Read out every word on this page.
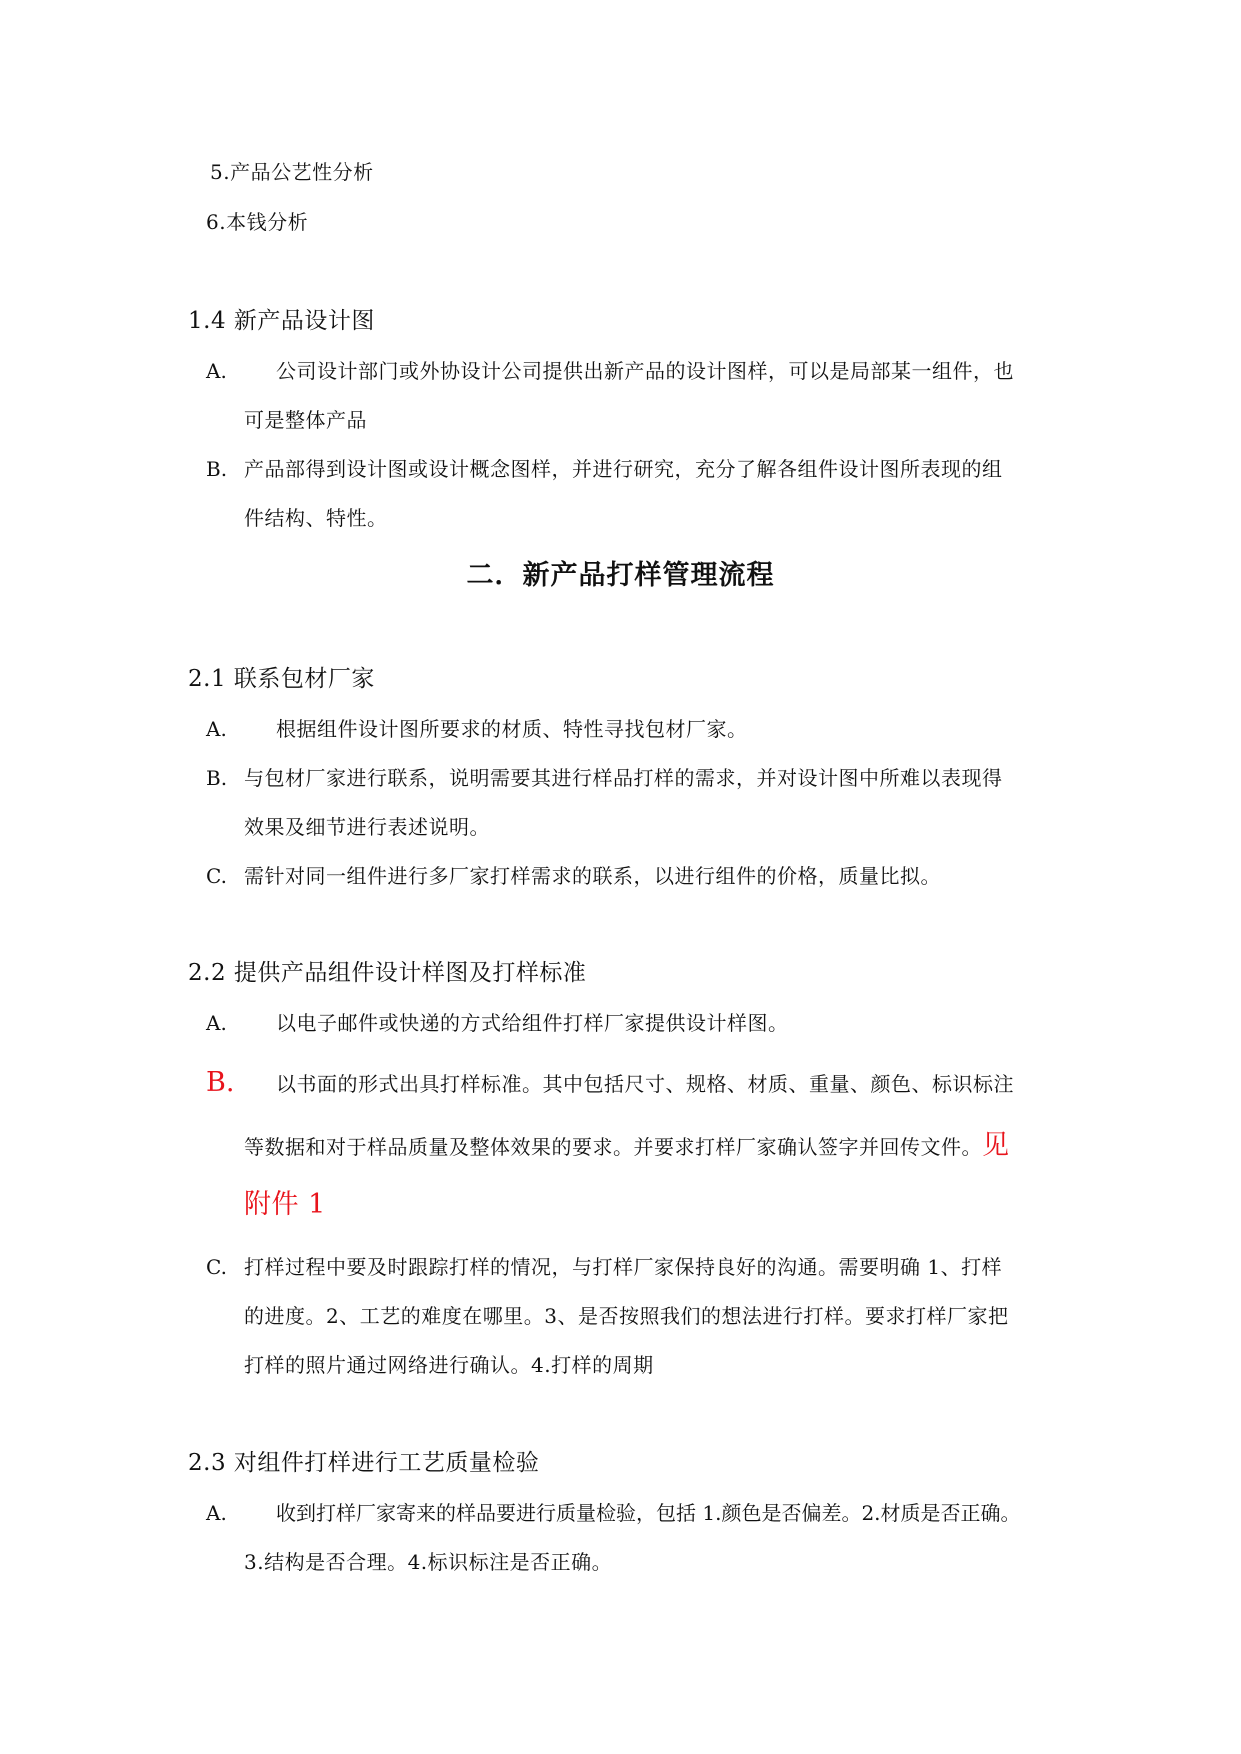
5.产品公艺性分析
6.本钱分析
1.4 新产品设计图
A. 公司设计部门或外协设计公司提供出新产品的设计图样，可以是局部某一组件，也
可是整体产品
B. 产品部得到设计图或设计概念图样，并进行研究，充分了解各组件设计图所表现的组
件结构、特性。
二．新产品打样管理流程
2.1 联系包材厂家
A. 根据组件设计图所要求的材质、特性寻找包材厂家。
B. 与包材厂家进行联系，说明需要其进行样品打样的需求，并对设计图中所难以表现得
效果及细节进行表述说明。
C. 需针对同一组件进行多厂家打样需求的联系，以进行组件的价格，质量比拟。
2.2 提供产品组件设计样图及打样标准
A. 以电子邮件或快递的方式给组件打样厂家提供设计样图。
B. 以书面的形式出具打样标准。其中包括尺寸、规格、材质、重量、颜色、标识标注
等数据和对于样品质量及整体效果的要求。并要求打样厂家确认签字并回传文件。见
附件 1
C. 打样过程中要及时跟踪打样的情况，与打样厂家保持良好的沟通。需要明确 1、打样
的进度。2、工艺的难度在哪里。3、是否按照我们的想法进行打样。要求打样厂家把
打样的照片通过网络进行确认。4.打样的周期
2.3 对组件打样进行工艺质量检验
A. 收到打样厂家寄来的样品要进行质量检验，包括 1.颜色是否偏差。2.材质是否正确。
3.结构是否合理。4.标识标注是否正确。
